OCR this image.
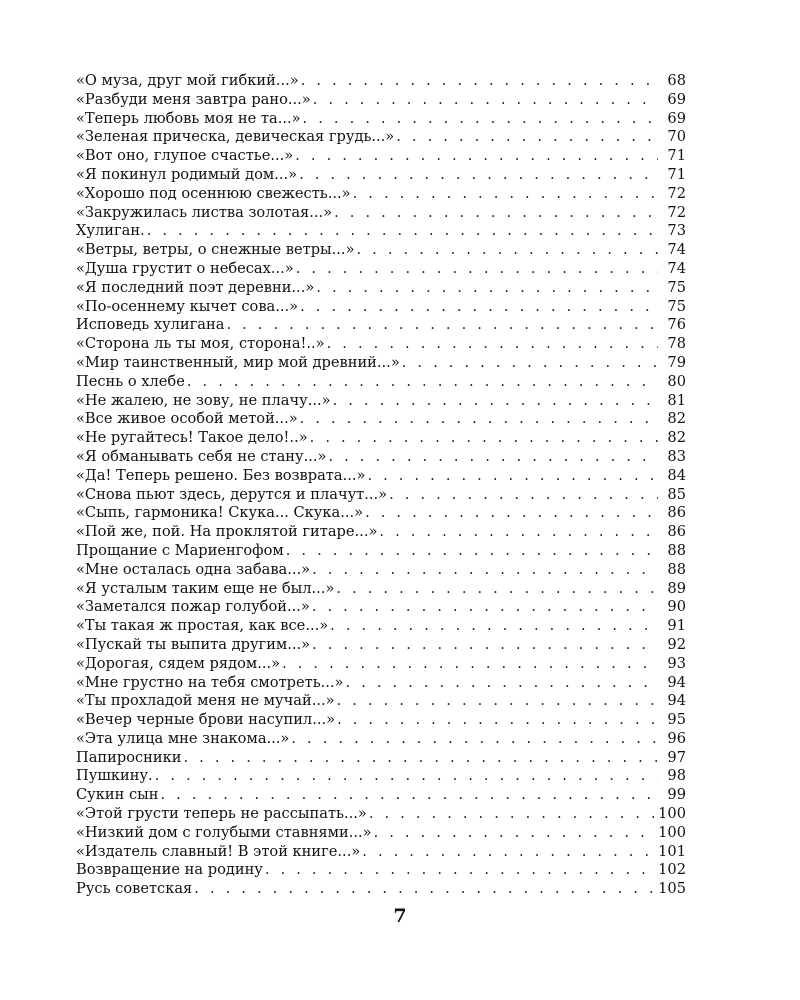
«О муза, друг мой гибкий...» . . .	68
«Разбуди меня завтра рано...» . . .	69
«Теперь любовь моя не та...» . . .	69
«Зеленая прическа, девическая грудь...» . . .	70
«Вот оно, глупое счастье...» . . .	71
«Я покинул родимый дом...» . . .	71
«Хорошо под осеннюю свежесть...» . . .	72
«Закружилась листва золотая...» . . .	72
Хулиган. . . .	73
«Ветры, ветры, о снежные ветры...» . . .	74
«Душа грустит о небесах...» . . .	74
«Я последний поэт деревни...» . . .	75
«По-осеннему кычет сова...» . . .	75
Исповедь хулигана . . .	76
«Сторона ль ты моя, сторона!..» . . .	78
«Мир таинственный, мир мой древний...» . . .	79
Песнь о хлебе . . .	80
«Не жалею, не зову, не плачу...» . . .	81
«Все живое особой метой...» . . .	82
«Не ругайтесь! Такое дело!..» . . .	82
«Я обманывать себя не стану...» . . .	83
«Да! Теперь решено. Без возврата...» . . .	84
«Снова пьют здесь, дерутся и плачут...» . . .	85
«Сыпь, гармоника! Скука... Скука...» . . .	86
«Пой же, пой. На проклятой гитаре...» . . .	86
Прощание с Мариенгофом . . .	88
«Мне осталась одна забава...» . . .	88
«Я усталым таким еще не был...» . . .	89
«Заметался пожар голубой...» . . .	90
«Ты такая ж простая, как все...» . . .	91
«Пускай ты выпита другим...» . . .	92
«Дорогая, сядем рядом...» . . .	93
«Мне грустно на тебя смотреть...» . . .	94
«Ты прохладой меня не мучай...» . . .	94
«Вечер черные брови насупил...» . . .	95
«Эта улица мне знакома...» . . .	96
Папиросники . . .	97
Пушкину. . . .	98
Сукин сын . . .	99
«Этой грусти теперь не рассыпать...» . . .	100
«Низкий дом с голубыми ставнями...» . . .	100
«Издатель славный! В этой книге...» . . .	101
Возвращение на родину . . .	102
Русь советская . . .	105
7
